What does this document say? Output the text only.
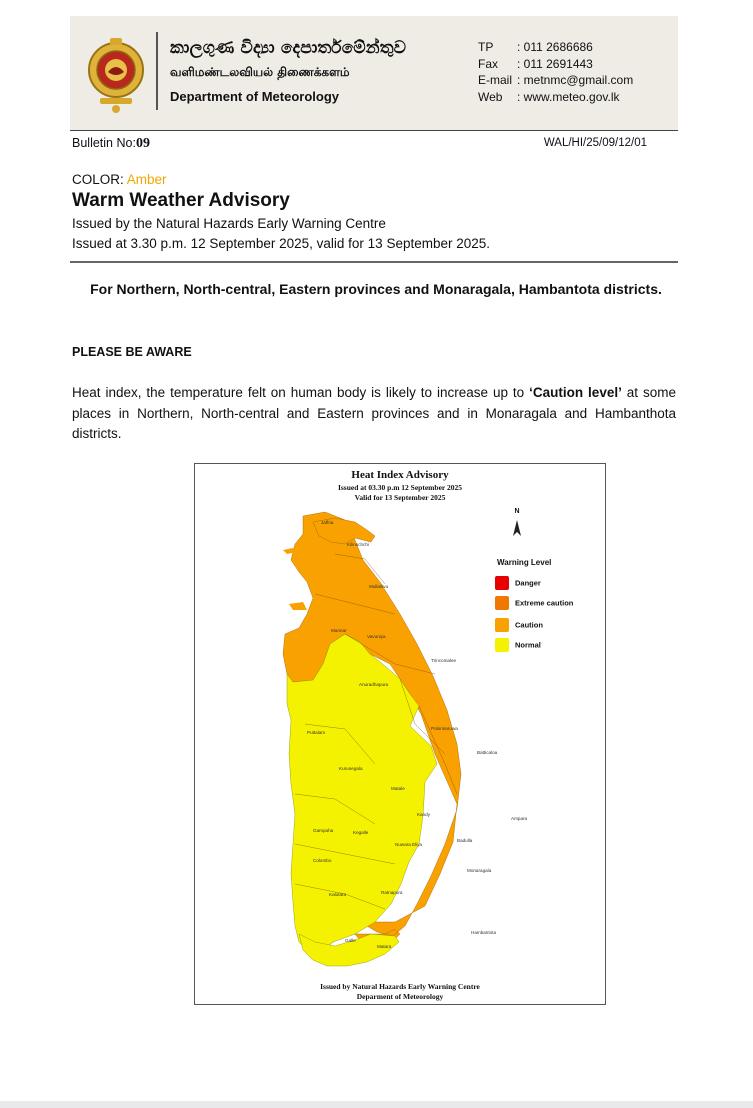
කාලගුණ විද්‍යා දෙපාර්තමේන්තුව
வளிமண்டலவியல் திணைக்களம்
Department of Meteorology
TP : 011 2686686
Fax : 011 2691443
E-mail : metnmc@gmail.com
Web : www.meteo.gov.lk
Bulletin No:09	WAL/HI/25/09/12/01
COLOR: Amber
Warm Weather Advisory
Issued by the Natural Hazards Early Warning Centre
Issued at 3.30 p.m. 12 September 2025, valid for 13 September 2025.
For Northern, North-central, Eastern provinces and Monaragala, Hambantota districts.
PLEASE BE AWARE
Heat index, the temperature felt on human body is likely to increase up to ‘Caution level’ at some places in Northern, North-central and Eastern provinces and in Monaragala and Hambanthota districts.
Jaffna
Kilinochchi
Mullaitivu
Mannar
Vavuniya
Trincomalee
Anuradhapura
Puttalam
Polonnaruwa
Batticaloa
Kurunegala
Matale
Ampara
Kandy
Gampaha	Kegalle
Badulla
Nuwara Eliya
Colombo
Monaragala
Kalutara	Ratnapura
Hambantota
Galle
Matara
Heat Index Advisory
Issued at 03.30 p.m 12 September 2025
Valid for 13 September 2025
N
Warning Level
Danger
Extreme caution
Caution
Normal
Issued by Natural Hazards Early Warning Centre
Deparment of Meteorology
